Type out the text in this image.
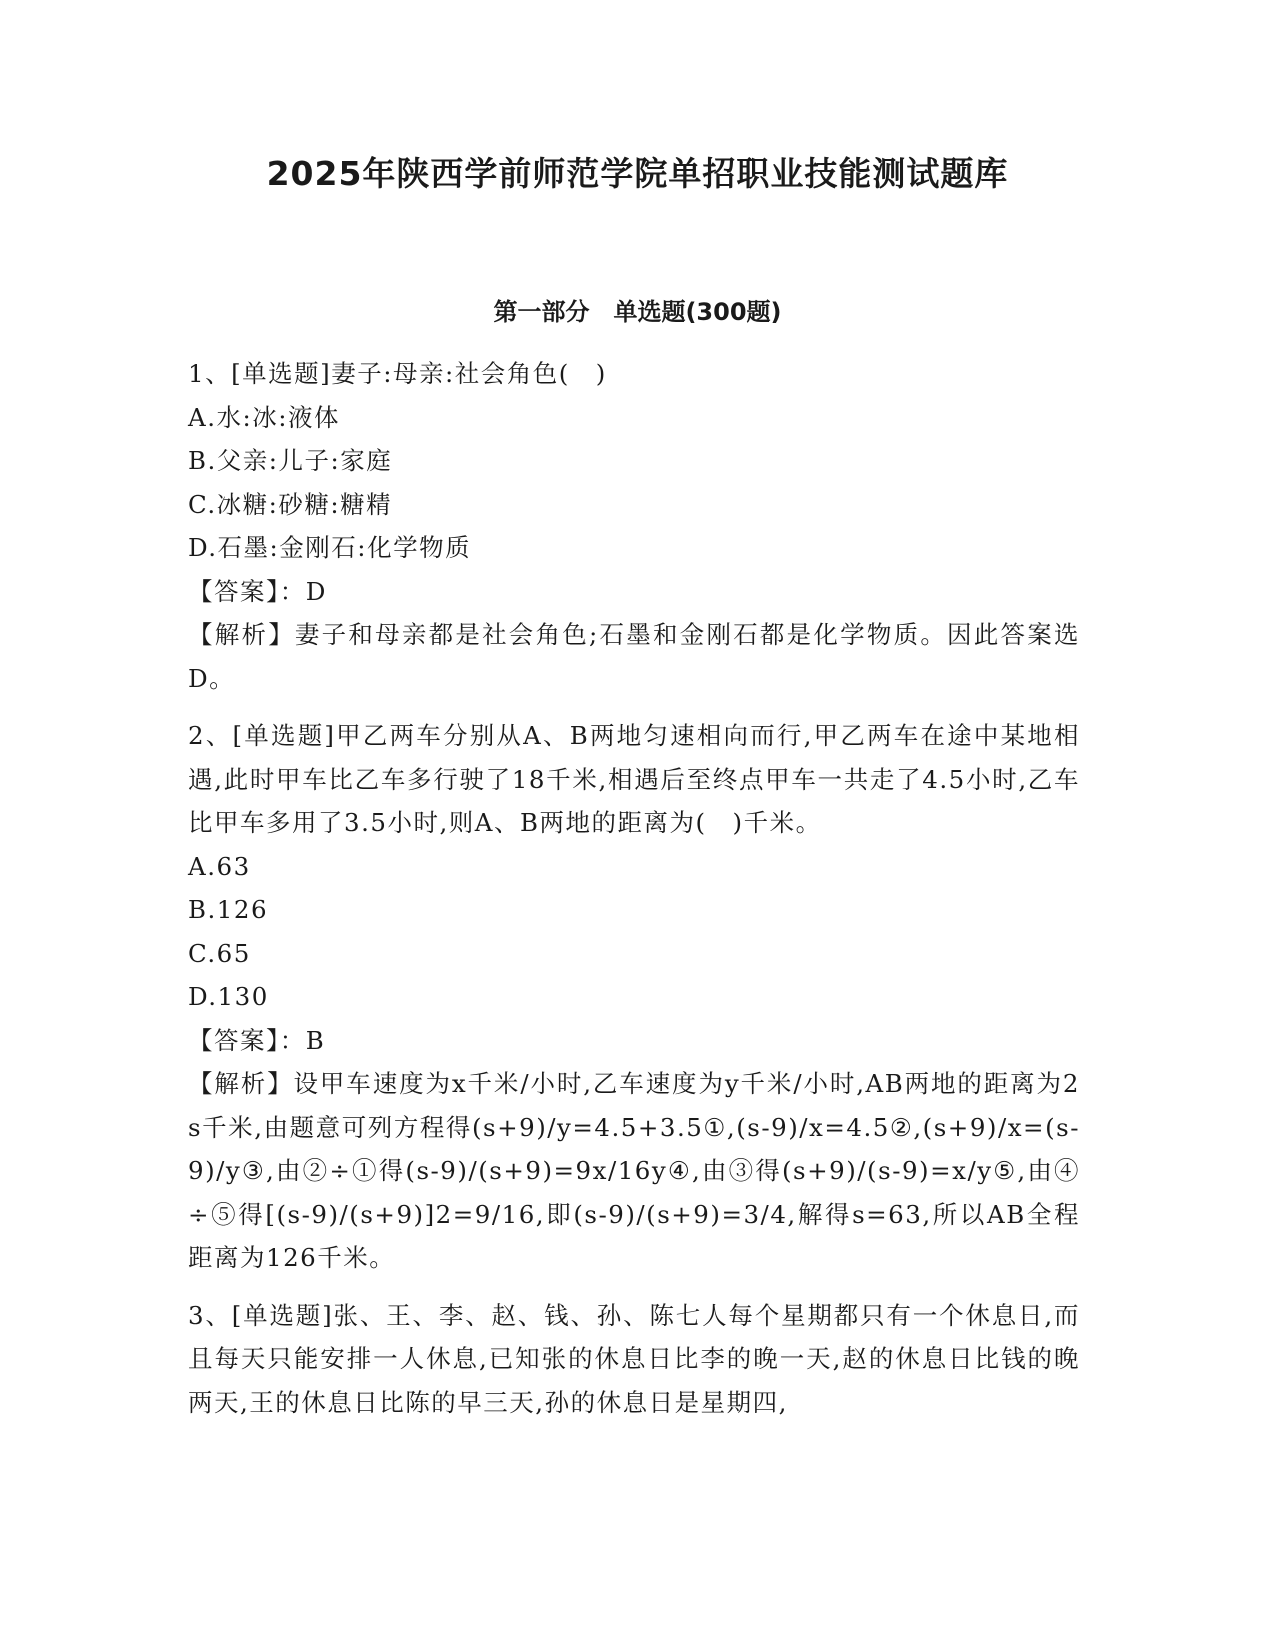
2025年陕西学前师范学院单招职业技能测试题库
第一部分　单选题(300题)
1、[单选题]妻子:母亲:社会角色(　)
A.水:冰:液体
B.父亲:儿子:家庭
C.冰糖:砂糖:糖精
D.石墨:金刚石:化学物质
【答案】：D
【解析】妻子和母亲都是社会角色;石墨和金刚石都是化学物质。因此答案选D。
2、[单选题]甲乙两车分别从A、B两地匀速相向而行,甲乙两车在途中某地相遇,此时甲车比乙车多行驶了18千米,相遇后至终点甲车一共走了4.5小时,乙车比甲车多用了3.5小时,则A、B两地的距离为(　)千米。
A.63
B.126
C.65
D.130
【答案】：B
【解析】设甲车速度为x千米/小时,乙车速度为y千米/小时,AB两地的距离为2s千米,由题意可列方程得(s+9)/y=4.5+3.5①,(s-9)/x=4.5②,(s+9)/x=(s-9)/y③,由②÷①得(s-9)/(s+9)=9x/16y④,由③得(s+9)/(s-9)=x/y⑤,由④÷⑤得[(s-9)/(s+9)]2=9/16,即(s-9)/(s+9)=3/4,解得s=63,所以AB全程距离为126千米。
3、[单选题]张、王、李、赵、钱、孙、陈七人每个星期都只有一个休息日,而且每天只能安排一人休息,已知张的休息日比李的晚一天,赵的休息日比钱的晚两天,王的休息日比陈的早三天,孙的休息日是星期四,
